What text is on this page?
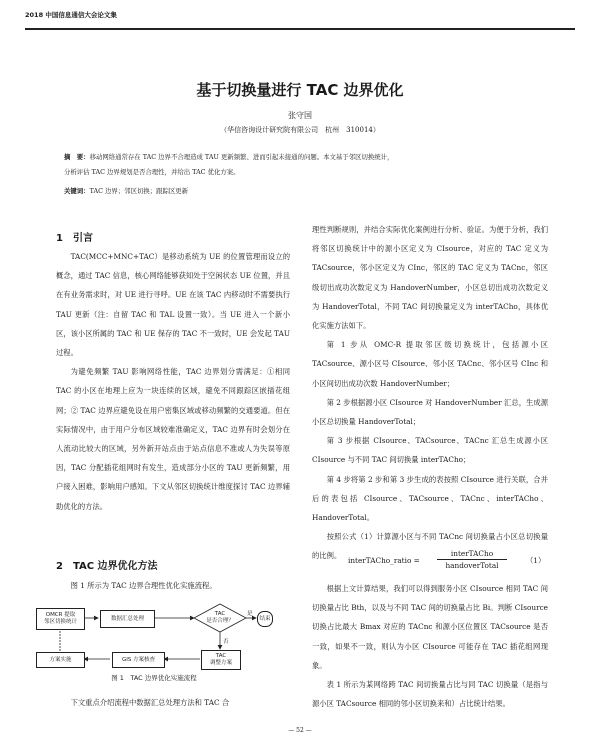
2018 中国信息通信大会论文集
基于切换量进行 TAC 边界优化
张守国
（华信咨询设计研究院有限公司　杭州　310014）
摘　要：移动网络通常存在 TAC 边界不合理造成 TAU 更新频繁、进而引起未接通的问题。本文基于邻区切换统计，
分析评估 TAC 边界规划是否合理性，并给出 TAC 优化方案。
关键词：TAC 边界；邻区切换；跟踪区更新
1　引言

TAC(MCC+MNC+TAC）是移动系统为 UE 的位置管理而设立的概念，通过 TAC 信息，核心网络能够获知处于空闲状态 UE 位置，并且在有业务需求时，对 UE 进行寻呼。UE 在该 TAC 内移动时不需要执行 TAU 更新（注：自留 TAC 和 TAL 设置一致）。当 UE 进入一个新小区，该小区所属的 TAC 和 UE 保存的 TAC 不一致时，UE 会发起 TAU 过程。

为避免频繁 TAU 影响网络性能，TAC 边界划分需满足：①相同 TAC 的小区在地理上应为一块连续的区域，避免不同跟踪区嵌插花组网；② TAC 边界应避免设在用户密集区域或移动频繁的交通要道。但在实际情况中，由于用户分布区域较难准确定义，TAC 边界有时会划分在人流动比较大的区域，另外新开站点由于站点信息不准或人为失误等原因，TAC 分配插花组网时有发生，造成部分小区的 TAU 更新频繁，用户接入困难，影响用户感知。下文从邻区切换统计维度探讨 TAC 边界辅助优化的方法。

2　TAC 边界优化方法

图 1 所示为 TAC 边界合理性优化实施流程。

OMCR 提取
邻区切换统计
数据汇总处理
TAC
是否合理？	结束
方案实施	GIS 方案核查
TAC
调整方案
是
否
图 1　TAC 边界优化实施流程

下文重点介绍流程中数据汇总处理方法和 TAC 合

理性判断规则，并结合实际优化案例进行分析、验证。为便于分析，我们将邻区切换统计中的源小区定义为 CIsource，对应的 TAC 定义为 TACsource，邻小区定义为 CInc，邻区的 TAC 定义为 TACnc，邻区级切出成功次数定义为 HandoverNumber，小区总切出成功次数定义为 HandoverTotal，不同 TAC 间切换量定义为 interTACho，具体优化实施方法如下。

第 1 步从 OMC-R 提取邻区级切换统计，包括源小区 TACsource、源小区号 CIsource、邻小区 TACnc、邻小区号 CInc 和小区间切出成功次数 HandoverNumber；

第 2 步根据源小区 CIsource 对 HandoverNumber 汇总，生成源小区总切换量 HandoverTotal；

第 3 步根据 CIsource、TACsource、TACnc 汇总生成源小区 CIsource 与不同 TAC 间切换量 interTACho；

第 4 步将第 2 步和第 3 步生成的表按照 CIsource 进行关联，合并后的表包括 CIsource、TACsource、TACnc、interTACho、HandoverTotal。

按照公式（1）计算源小区与不同 TACnc 间切换量占小区总切换量的比例。

interTACho_ratio =
interTACho
handoverTotal
（1）

根据上文计算结果，我们可以得到服务小区 CIsource 相同 TAC 间切换量占比 Bth，以及与不同 TAC 间的切换量占比 Bi。判断 CIsource 切换占比最大 Bmax 对应的 TACnc 和源小区位置区 TACsource 是否一致，如果不一致，则认为小区 CIsource 可能存在 TAC 插花组网现象。

表 1 所示为某网络跨 TAC 间切换量占比与同 TAC 切换量（是指与源小区 TACsource 相同的邻小区切换来和）占比统计结果。

— 52 —
